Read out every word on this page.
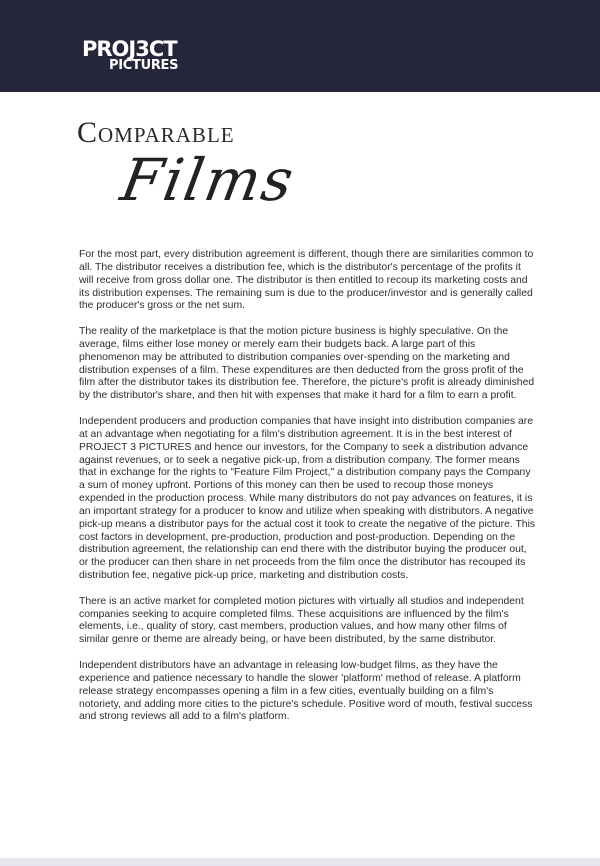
PROJ3CT
PICTURES
Comparable
Films

For the most part, every distribution agreement is different, though there are similarities common to all. The distributor receives a distribution fee, which is the distributor's percentage of the profits it will receive from gross dollar one. The distributor is then entitled to recoup its marketing costs and its distribution expenses. The remaining sum is due to the producer/investor and is generally called the producer's gross or the net sum.

The reality of the marketplace is that the motion picture business is highly speculative. On the average, films either lose money or merely earn their budgets back. A large part of this phenomenon may be attributed to distribution companies over-spending on the marketing and distribution expenses of a film. These expenditures are then deducted from the gross profit of the film after the distributor takes its distribution fee. Therefore, the picture's profit is already diminished by the distributor's share, and then hit with expenses that make it hard for a film to earn a profit.

Independent producers and production companies that have insight into distribution companies are at an advantage when negotiating for a film's distribution agreement. It is in the best interest of PROJECT 3 PICTURES and hence our investors, for the Company to seek a distribution advance against revenues, or to seek a negative pick-up, from a distribution company. The former means that in exchange for the rights to "Feature Film Project," a distribution company pays the Company a sum of money upfront. Portions of this money can then be used to recoup those moneys expended in the production process. While many distributors do not pay advances on features, it is an important strategy for a producer to know and utilize when speaking with distributors. A negative pick-up means a distributor pays for the actual cost it took to create the negative of the picture. This cost factors in development, pre-production, production and post-production. Depending on the distribution agreement, the relationship can end there with the distributor buying the producer out, or the producer can then share in net proceeds from the film once the distributor has recouped its distribution fee, negative pick-up price, marketing and distribution costs.

There is an active market for completed motion pictures with virtually all studios and independent companies seeking to acquire completed films. These acquisitions are influenced by the film's elements, i.e., quality of story, cast members, production values, and how many other films of similar genre or theme are already being, or have been distributed, by the same distributor.

Independent distributors have an advantage in releasing low-budget films, as they have the experience and patience necessary to handle the slower 'platform' method of release. A platform release strategy encompasses opening a film in a few cities, eventually building on a film's notoriety, and adding more cities to the picture's schedule. Positive word of mouth, festival success and strong reviews all add to a film's platform.
